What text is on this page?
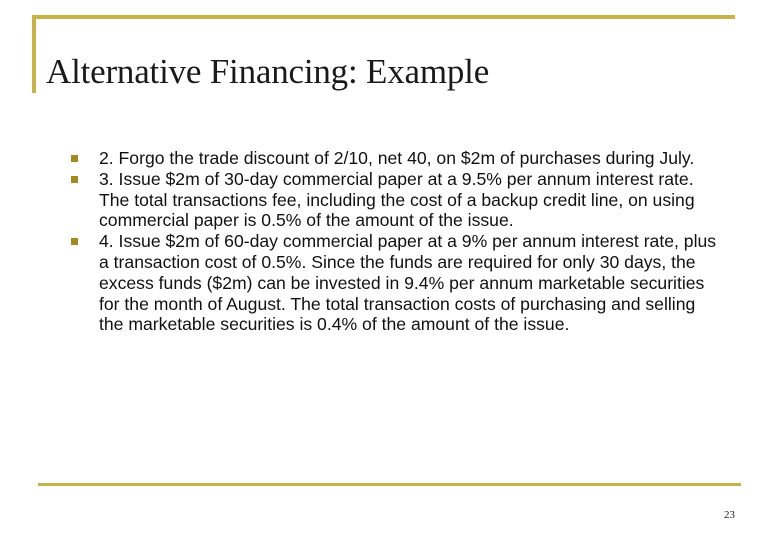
Alternative Financing: Example
2. Forgo the trade discount of 2/10, net 40, on $2m of purchases during July.
3. Issue $2m of 30-day commercial paper at a 9.5% per annum interest rate. The total transactions fee, including the cost of a backup credit line, on using commercial paper is 0.5% of the amount of the issue.
4. Issue $2m of 60-day commercial paper at a 9% per annum interest rate, plus a transaction cost of 0.5%. Since the funds are required for only 30 days, the excess funds ($2m) can be invested in 9.4% per annum marketable securities for the month of August. The total transaction costs of purchasing and selling the marketable securities is 0.4% of the amount of the issue.
23
